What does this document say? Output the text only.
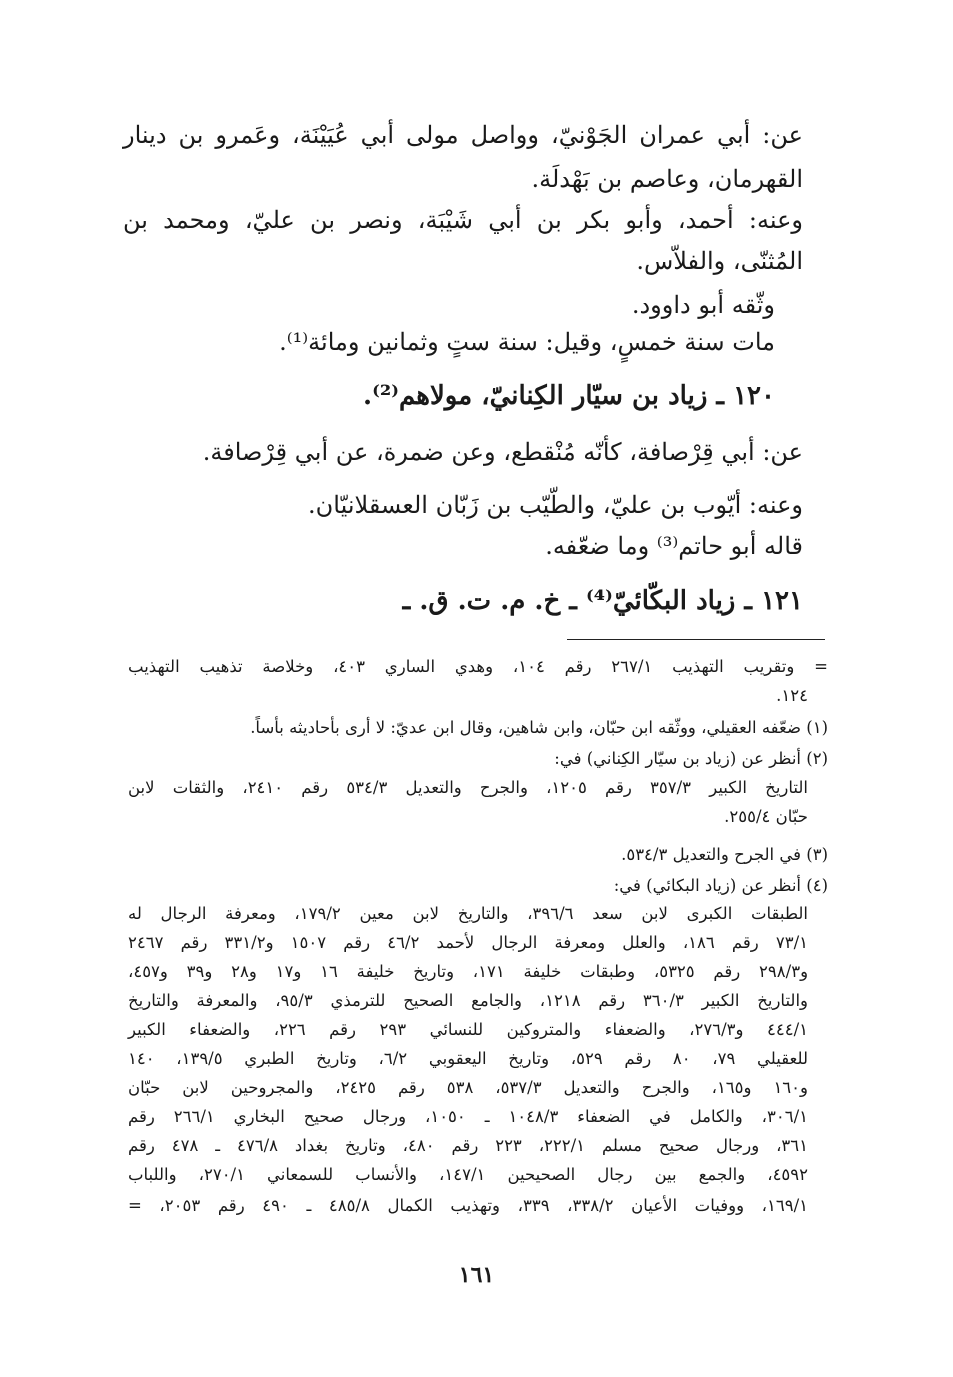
عن: أبي عمران الجَوْنيّ، وواصل مولى أبي عُيَيْنَة، وعَمرو بن دينار
القهرمان، وعاصم بن بَهْدلَة.
وعنه: أحمد، وأبو بكر بن أبي شَيْبَة، ونصر بن عليّ، ومحمد بن
المُثنّى، والفلاّس.
وثّقه أبو داوود.
مات سنة خمسٍ، وقيل: سنة ستٍ وثمانين ومائة⁽¹⁾.
١٢٠ ـ زياد بن سيّار الكِنانيّ، مولاهم⁽²⁾.
عن: أبي قِرْصافة، كأنّه مُنْقطع، وعن ضمرة، عن أبي قِرْصافة.
وعنه: أيّوب بن عليّ، والطّيّب بن زَبّان العسقلانيّان.
قاله أبو حاتم⁽³⁾ وما ضعّفه.
١٢١ ـ زياد البكّائيّ⁽⁴⁾ ـ خ. م. ت. ق. ـ
= وتقريب التهذيب ٢٦٧/١ رقم ١٠٤، وهدي الساري ٤٠٣، وخلاصة تذهيب التهذيب
١٢٤.
(١) ضعّفه العقيلي، ووثّقه ابن حبّان، وابن شاهين، وقال ابن عديّ: لا أرى بأحاديثه بأساً.
(٢) أنظر عن (زياد بن سيّار الكِناني) في:
التاريخ الكبير ٣٥٧/٣ رقم ١٢٠٥، والجرح والتعديل ٥٣٤/٣ رقم ٢٤١٠، والثقات لابن
حبّان ٢٥٥/٤.
(٣) في الجرح والتعديل ٥٣٤/٣.
(٤) أنظر عن (زياد البكائي) في:
الطبقات الكبرى لابن سعد ٣٩٦/٦، والتاريخ لابن معين ١٧٩/٢، ومعرفة الرجال له
٧٣/١ رقم ١٨٦، والعلل ومعرفة الرجال لأحمد ٤٦/٢ رقم ١٥٠٧ و٣٣١/٢ رقم ٢٤٦٧
و٢٩٨/٣ رقم ٥٣٢٥، وطبقات خليفة ١٧١، وتاريخ خليفة ١٦ و١٧ و٢٨ و٣٩ و٤٥٧،
والتاريخ الكبير ٣٦٠/٣ رقم ١٢١٨، والجامع الصحيح للترمذي ٩٥/٣، والمعرفة والتاريخ
٤٤٤/١ و٢٧٦/٣، والضعفاء والمتروكين للنسائي ٢٩٣ رقم ٢٢٦، والضعفاء الكبير
للعقيلي ٧٩، ٨٠ رقم ٥٢٩، وتاريخ اليعقوبي ٦/٢، وتاريخ الطبري ١٣٩/٥، ١٤٠
و١٦٠ و١٦٥، والجرح والتعديل ٥٣٧/٣، ٥٣٨ رقم ٢٤٢٥، والمجروحين لابن حبّان
٣٠٦/١، والكامل في الضعفاء ١٠٤٨/٣ ـ ١٠٥٠، ورجال صحيح البخاري ٢٦٦/١ رقم
٣٦١، ورجال صحيح مسلم ٢٢٢/١، ٢٢٣ رقم ٤٨٠، وتاريخ بغداد ٤٧٦/٨ ـ ٤٧٨ رقم
٤٥٩٢، والجمع بين رجال الصحيحين ١٤٧/١، والأنساب للسمعاني ٢٧٠/١، واللباب
١٦٩/١، ووفيات الأعيان ٣٣٨/٢، ٣٣٩، وتهذيب الكمال ٤٨٥/٨ ـ ٤٩٠ رقم ٢٠٥٣، =
١٦١
